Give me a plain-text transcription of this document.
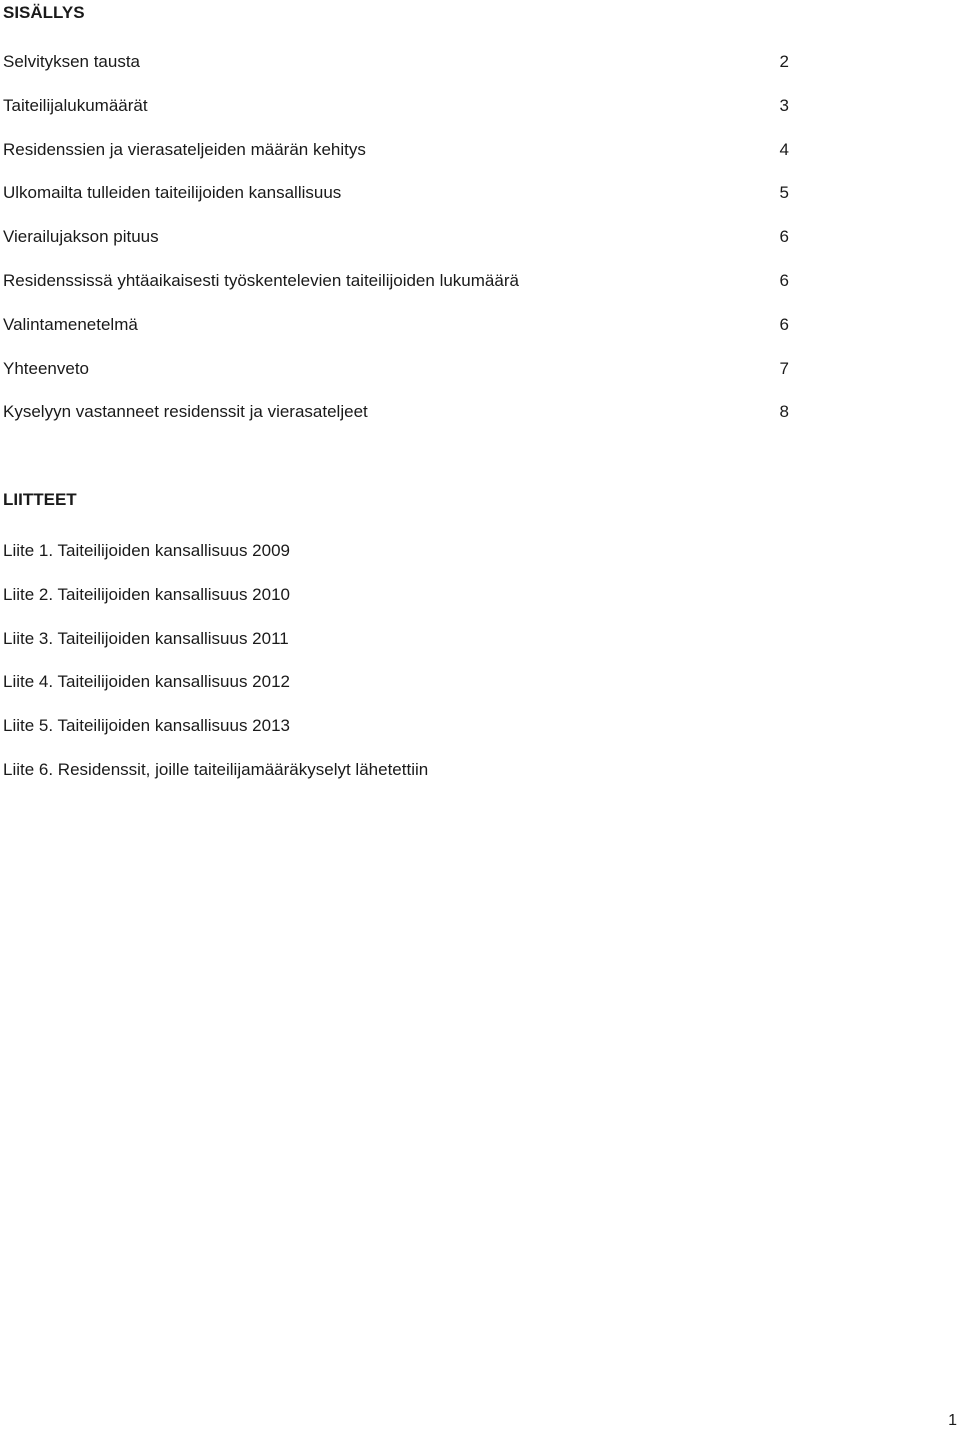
SISÄLLYS
Selvityksen tausta	2
Taiteilijalukumäärät	3
Residenssien ja vierasateljeiden määrän kehitys	4
Ulkomailta tulleiden taiteilijoiden kansallisuus	5
Vierailujakson pituus	6
Residenssissä yhtäaikaisesti työskentelevien taiteilijoiden lukumäärä	6
Valintamenetelmä	6
Yhteenveto	7
Kyselyyn vastanneet residenssit ja vierasateljeet	8
LIITTEET
Liite 1. Taiteilijoiden kansallisuus 2009
Liite 2. Taiteilijoiden kansallisuus 2010
Liite 3. Taiteilijoiden kansallisuus 2011
Liite 4. Taiteilijoiden kansallisuus 2012
Liite 5. Taiteilijoiden kansallisuus 2013
Liite 6. Residenssit, joille taiteilijamääräkyselyt lähetettiin
1
